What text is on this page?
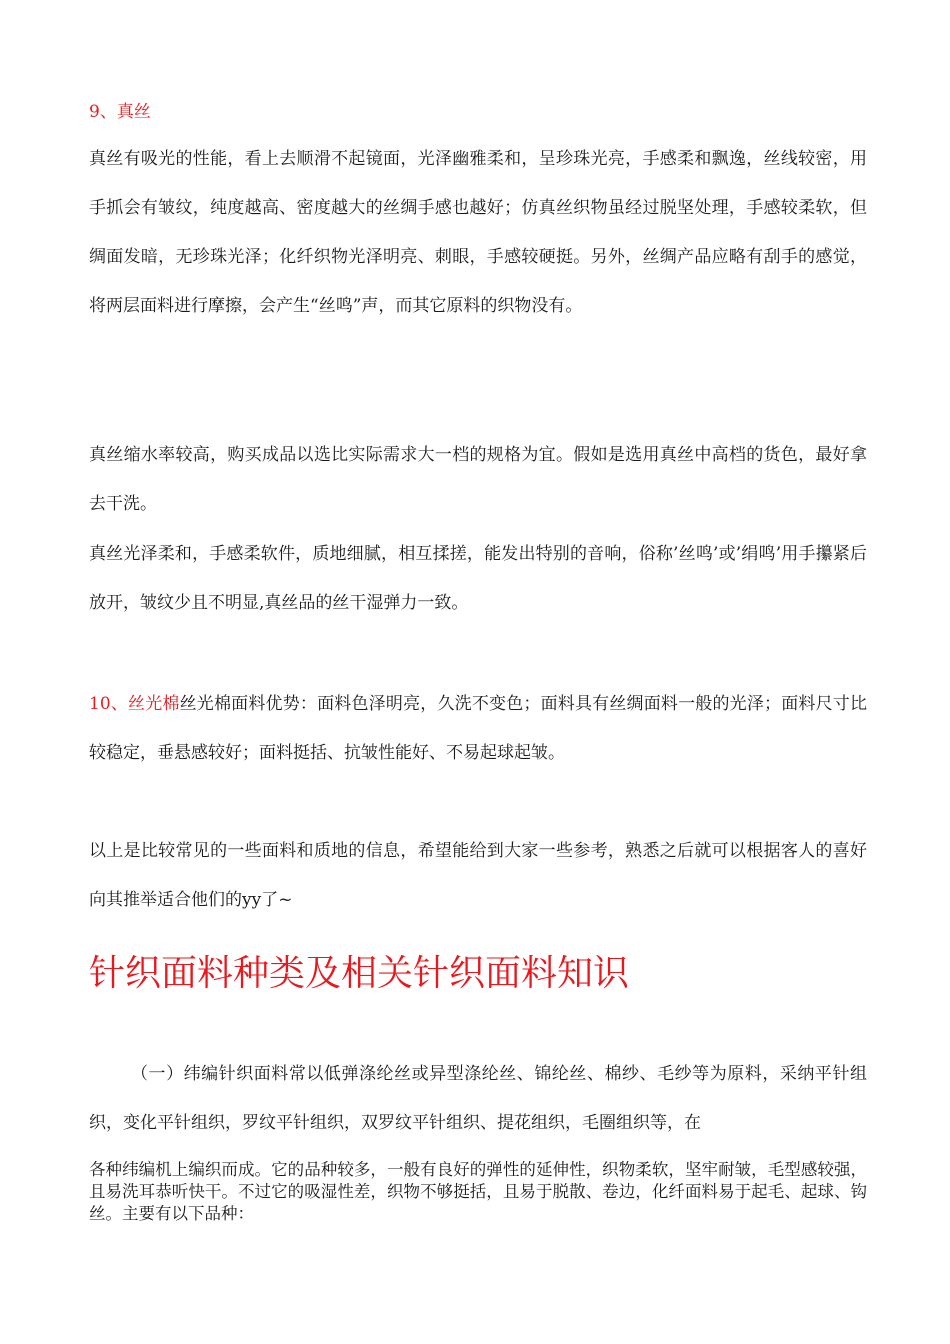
9、真丝

真丝有吸光的性能，看上去顺滑不起镜面，光泽幽雅柔和，呈珍珠光亮，手感柔和飘逸，丝线较密，用手抓会有皱纹，纯度越高、密度越大的丝绸手感也越好；仿真丝织物虽经过脱坚处理，手感较柔软，但绸面发暗，无珍珠光泽；化纤织物光泽明亮、刺眼，手感较硬挺。另外，丝绸产品应略有刮手的感觉，将两层面料进行摩擦，会产生“丝鸣”声，而其它原料的织物没有。

真丝缩水率较高，购买成品以选比实际需求大一档的规格为宜。假如是选用真丝中高档的货色，最好拿去干洗。

真丝光泽柔和，手感柔软件，质地细腻，相互揉搓，能发出特别的音响，俗称’丝鸣’或’绢鸣’用手攥紧后放开，皱纹少且不明显,真丝品的丝干湿弹力一致。

10、丝光棉丝光棉面料优势：面料色泽明亮，久洗不变色；面料具有丝绸面料一般的光泽；面料尺寸比较稳定，垂悬感较好；面料挺括、抗皱性能好、不易起球起皱。

以上是比较常见的一些面料和质地的信息，希望能给到大家一些参考，熟悉之后就可以根据客人的喜好向其推举适合他们的yy了~

针织面料种类及相关针织面料知识

（一）纬编针织面料常以低弹涤纶丝或异型涤纶丝、锦纶丝、棉纱、毛纱等为原料，采纳平针组织，变化平针组织，罗纹平针组织，双罗纹平针组织、提花组织，毛圈组织等，在

各种纬编机上编织而成。它的品种较多，一般有良好的弹性的延伸性，织物柔软，坚牢耐皱，毛型感较强，且易洗耳恭听快干。不过它的吸湿性差，织物不够挺括，且易于脱散、卷边，化纤面料易于起毛、起球、钩丝。主要有以下品种：
